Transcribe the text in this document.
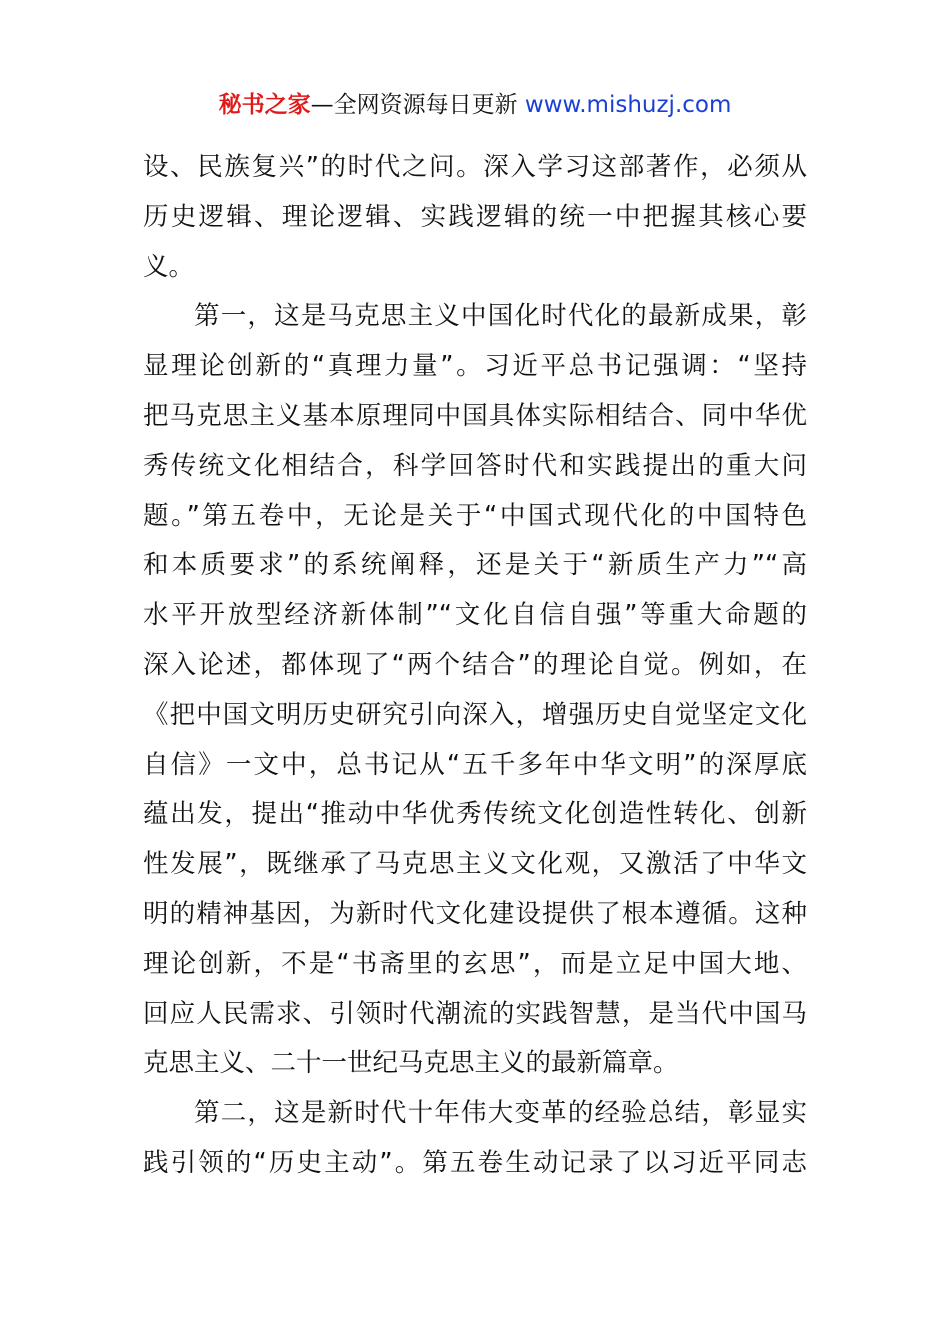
秘书之家—全网资源每日更新 www.mishuzj.com
设、民族复兴”的时代之问。深入学习这部著作，必须从
历史逻辑、理论逻辑、实践逻辑的统一中把握其核心要
义。
第一，这是马克思主义中国化时代化的最新成果，彰
显理论创新的“真理力量”。习近平总书记强调：“坚持
把马克思主义基本原理同中国具体实际相结合、同中华优
秀传统文化相结合，科学回答时代和实践提出的重大问
题。”第五卷中，无论是关于“中国式现代化的中国特色
和本质要求”的系统阐释，还是关于“新质生产力”“高
水平开放型经济新体制”“文化自信自强”等重大命题的
深入论述，都体现了“两个结合”的理论自觉。例如，在
《把中国文明历史研究引向深入，增强历史自觉坚定文化
自信》一文中，总书记从“五千多年中华文明”的深厚底
蕴出发，提出“推动中华优秀传统文化创造性转化、创新
性发展”，既继承了马克思主义文化观，又激活了中华文
明的精神基因，为新时代文化建设提供了根本遵循。这种
理论创新，不是“书斋里的玄思”，而是立足中国大地、
回应人民需求、引领时代潮流的实践智慧，是当代中国马
克思主义、二十一世纪马克思主义的最新篇章。
第二，这是新时代十年伟大变革的经验总结，彰显实
践引领的“历史主动”。第五卷生动记录了以习近平同志
